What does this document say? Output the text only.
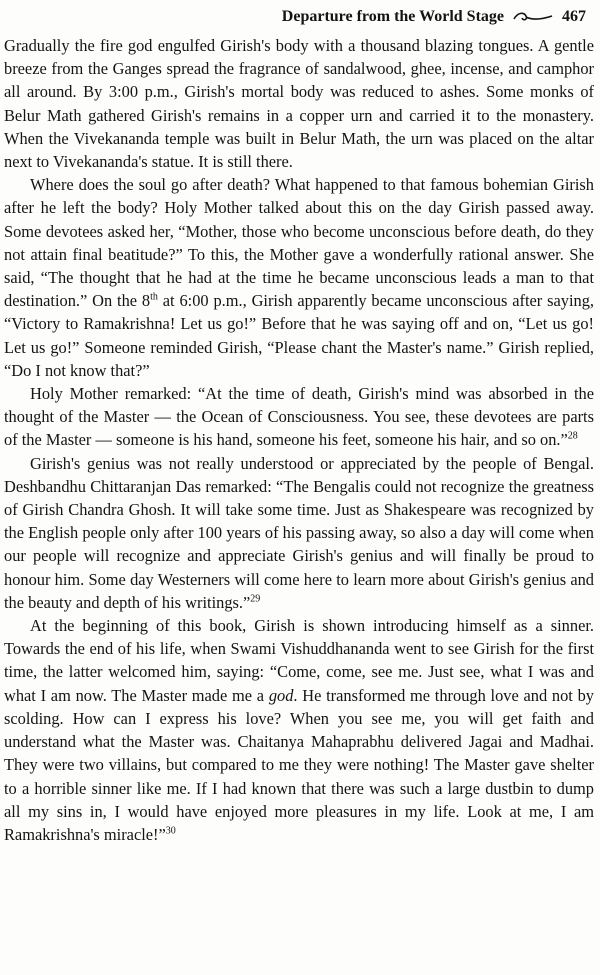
Departure from the World Stage	467

Gradually the fire god engulfed Girish's body with a thousand blazing tongues. A gentle breeze from the Ganges spread the fragrance of sandalwood, ghee, incense, and camphor all around. By 3:00 p.m., Girish's mortal body was reduced to ashes. Some monks of Belur Math gathered Girish's remains in a copper urn and carried it to the monastery. When the Vivekananda temple was built in Belur Math, the urn was placed on the altar next to Vivekananda's statue. It is still there.

Where does the soul go after death? What happened to that famous bohemian Girish after he left the body? Holy Mother talked about this on the day Girish passed away. Some devotees asked her, “Mother, those who become unconscious before death, do they not attain final beatitude?” To this, the Mother gave a wonderfully rational answer. She said, “The thought that he had at the time he became unconscious leads a man to that destination.” On the 8th at 6:00 p.m., Girish apparently became unconscious after saying, “Victory to Ramakrishna! Let us go!” Before that he was saying off and on, “Let us go! Let us go!” Someone reminded Girish, “Please chant the Master's name.” Girish replied, “Do I not know that?”

Holy Mother remarked: “At the time of death, Girish's mind was absorbed in the thought of the Master — the Ocean of Consciousness. You see, these devotees are parts of the Master — someone is his hand, someone his feet, someone his hair, and so on.”$^{28}$

Girish's genius was not really understood or appreciated by the people of Bengal. Deshbandhu Chittaranjan Das remarked: “The Bengalis could not recognize the greatness of Girish Chandra Ghosh. It will take some time. Just as Shakespeare was recognized by the English people only after 100 years of his passing away, so also a day will come when our people will recognize and appreciate Girish's genius and will finally be proud to honour him. Some day Westerners will come here to learn more about Girish's genius and the beauty and depth of his writings.”$^{29}$

At the beginning of this book, Girish is shown introducing himself as a sinner. Towards the end of his life, when Swami Vishuddhananda went to see Girish for the first time, the latter welcomed him, saying: “Come, come, see me. Just see, what I was and what I am now. The Master made me a god. He transformed me through love and not by scolding. How can I express his love? When you see me, you will get faith and understand what the Master was. Chaitanya Mahaprabhu delivered Jagai and Madhai. They were two villains, but compared to me they were nothing! The Master gave shelter to a horrible sinner like me. If I had known that there was such a large dustbin to dump all my sins in, I would have enjoyed more pleasures in my life. Look at me, I am Ramakrishna's miracle!”$^{30}$
